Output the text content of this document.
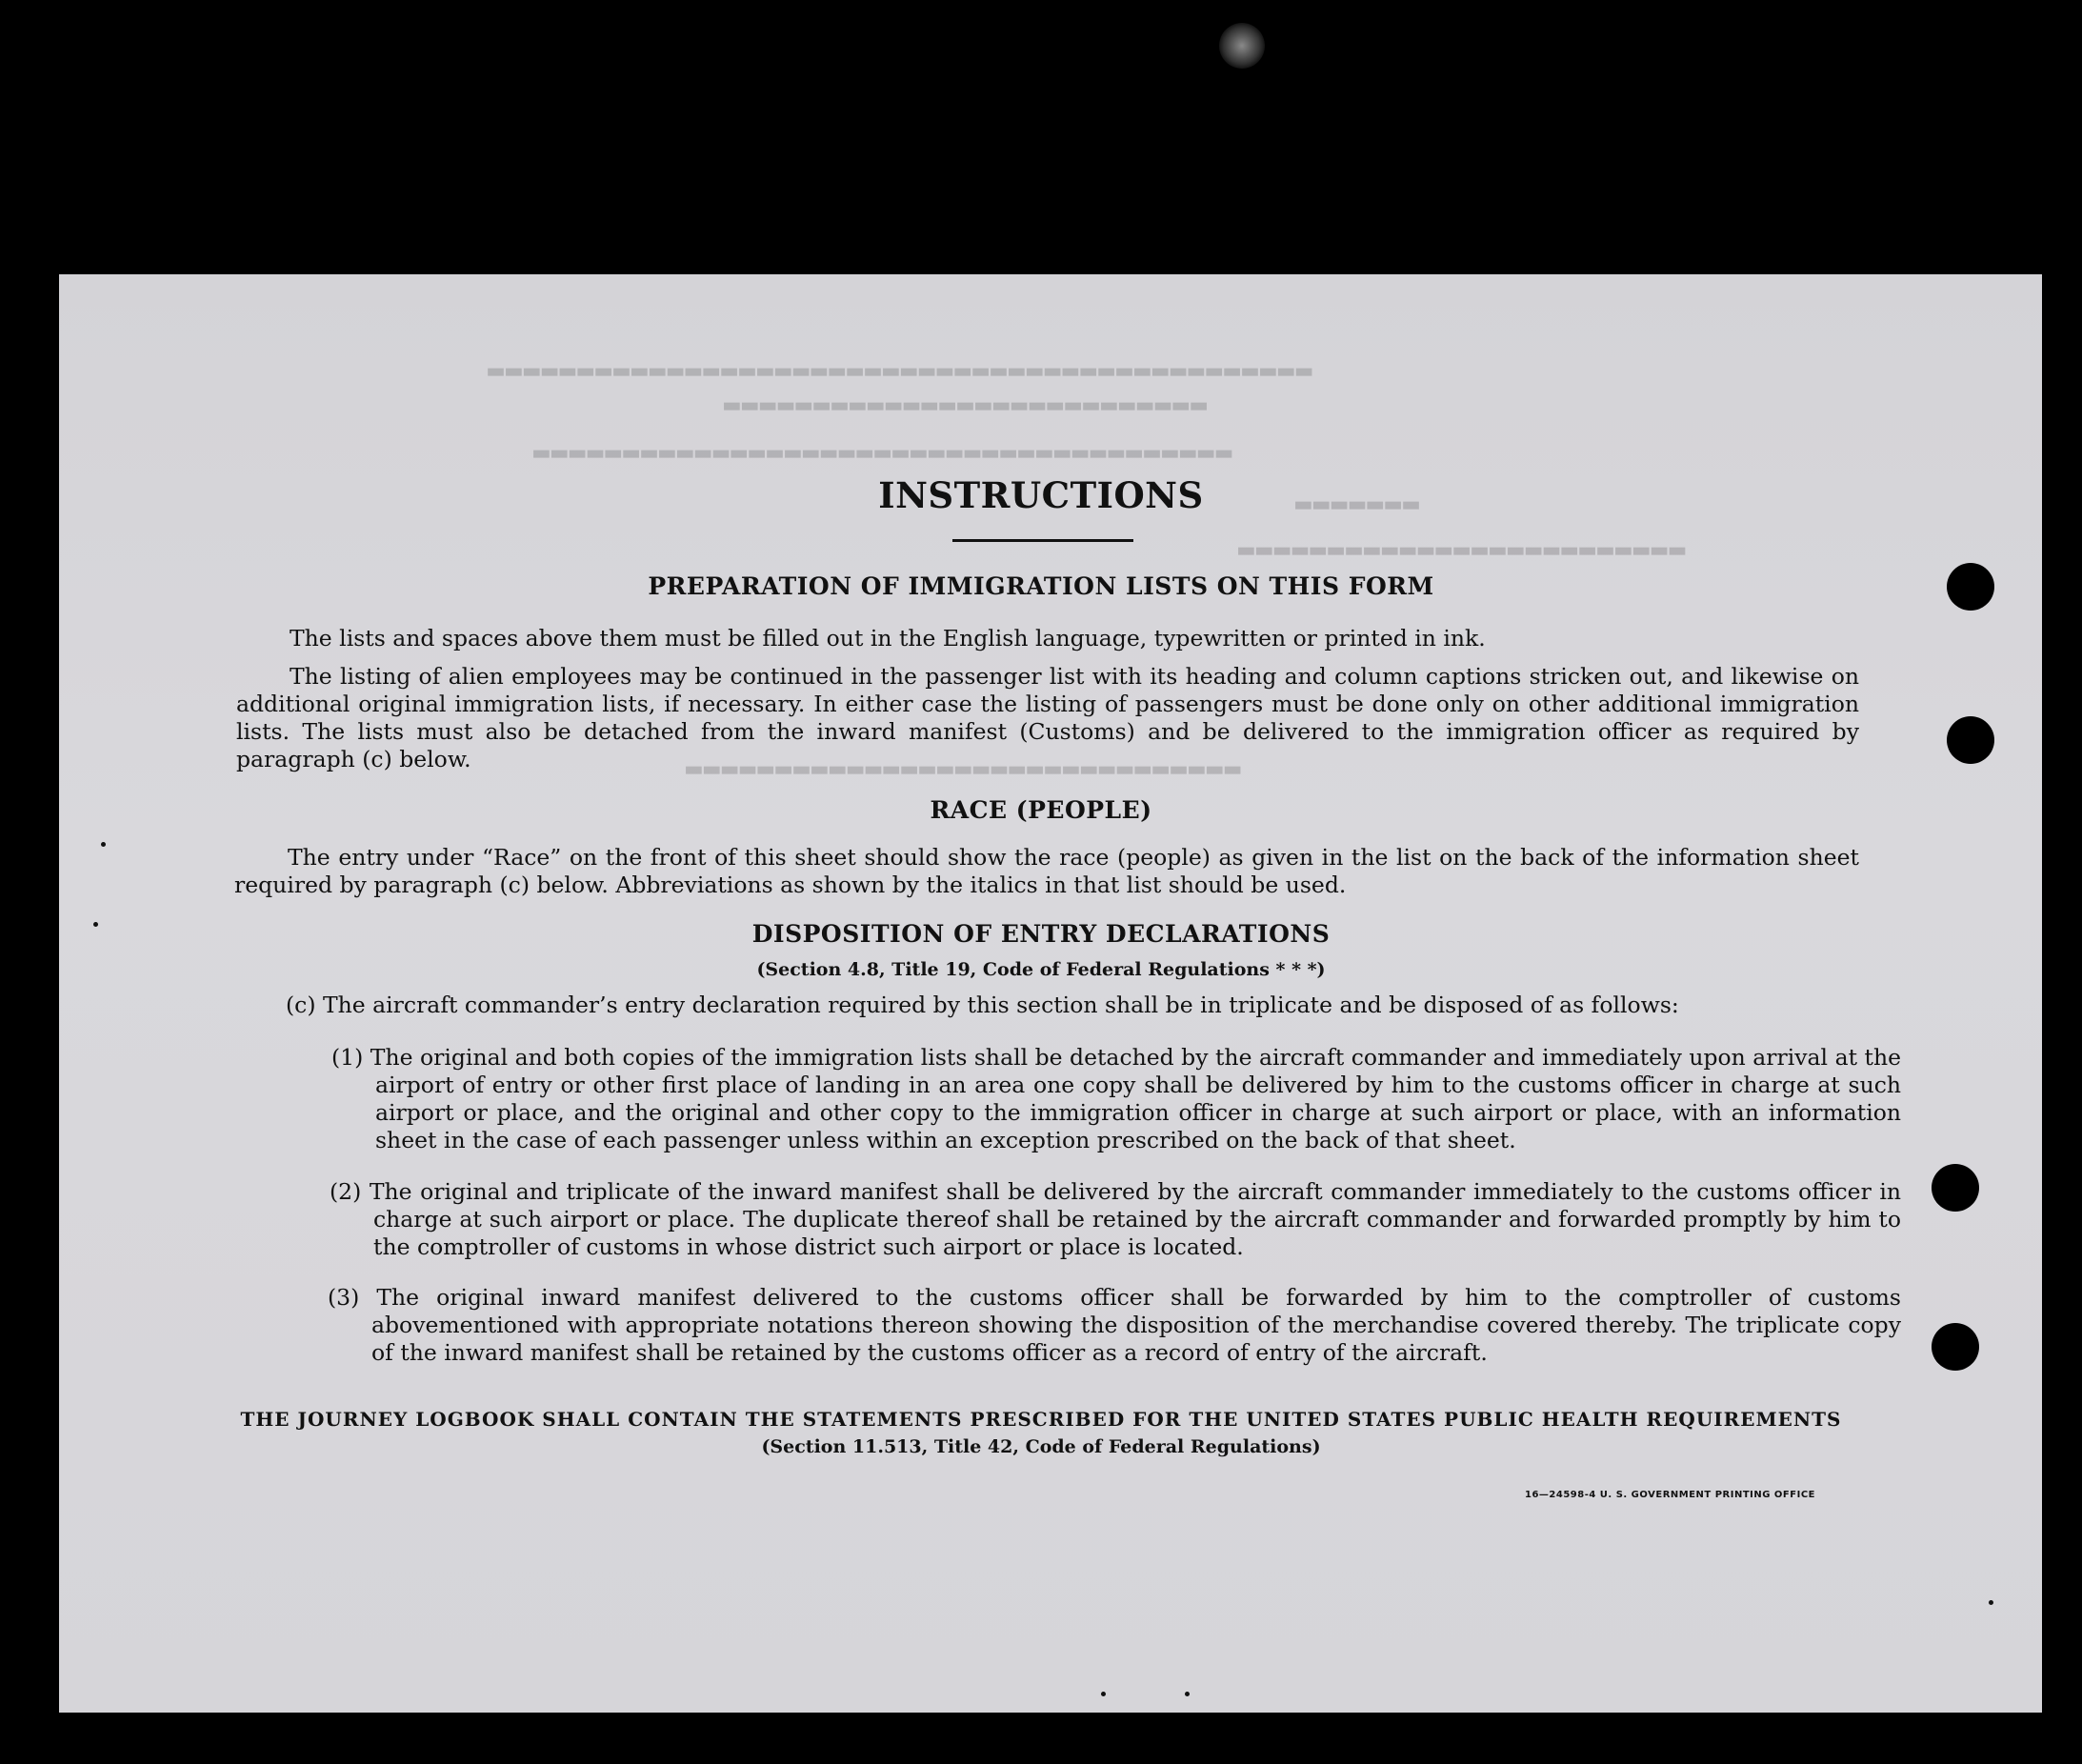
▬▬▬▬▬▬▬▬▬▬▬▬▬▬▬▬▬▬▬▬▬▬▬▬▬▬▬▬▬▬▬▬▬▬▬▬▬▬▬▬▬▬▬▬▬▬
▬▬▬▬▬▬▬▬▬▬▬▬▬▬▬▬▬▬▬▬▬▬▬▬▬▬▬
▬▬▬▬▬▬▬▬▬▬▬▬▬▬▬▬▬▬▬▬▬▬▬▬▬▬▬▬▬▬▬▬▬▬▬▬▬▬▬
▬▬▬▬▬▬▬
▬▬▬▬▬▬▬▬▬▬▬▬▬▬▬▬▬▬▬▬▬▬▬▬▬
▬▬▬▬▬▬▬▬▬▬▬▬▬▬▬▬▬▬▬▬▬▬▬▬▬▬▬▬▬▬▬
INSTRUCTIONS
PREPARATION OF IMMIGRATION LISTS ON THIS FORM
The lists and spaces above them must be filled out in the English language, typewritten or printed in ink.
The listing of alien employees may be continued in the passenger list with its heading and column captions stricken out, and likewise on additional original immigration lists, if necessary. In either case the listing of passengers must be done only on other additional immigration lists. The lists must also be detached from the inward manifest (Customs) and be delivered to the immigration officer as required by paragraph (c) below.
RACE (PEOPLE)
The entry under “Race” on the front of this sheet should show the race (people) as given in the list on the back of the information sheet required by paragraph (c) below. Abbreviations as shown by the italics in that list should be used.
DISPOSITION OF ENTRY DECLARATIONS
(Section 4.8, Title 19, Code of Federal Regulations * * *)
(c) The aircraft commander’s entry declaration required by this section shall be in triplicate and be disposed of as follows:
(1) The original and both copies of the immigration lists shall be detached by the aircraft commander and immediately upon arrival at the airport of entry or other first place of landing in an area one copy shall be delivered by him to the customs officer in charge at such airport or place, and the original and other copy to the immigration officer in charge at such airport or place, with an information sheet in the case of each passenger unless within an exception prescribed on the back of that sheet.
(2) The original and triplicate of the inward manifest shall be delivered by the aircraft commander immediately to the customs officer in charge at such airport or place. The duplicate thereof shall be retained by the aircraft commander and forwarded promptly by him to the comptroller of customs in whose district such airport or place is located.
(3) The original inward manifest delivered to the customs officer shall be forwarded by him to the comptroller of customs abovementioned with appropriate notations thereon showing the disposition of the merchandise covered thereby. The triplicate copy of the inward manifest shall be retained by the customs officer as a record of entry of the aircraft.
THE JOURNEY LOGBOOK SHALL CONTAIN THE STATEMENTS PRESCRIBED FOR THE UNITED STATES PUBLIC HEALTH REQUIREMENTS
(Section 11.513, Title 42, Code of Federal Regulations)
16—24598-4 U. S. GOVERNMENT PRINTING OFFICE
